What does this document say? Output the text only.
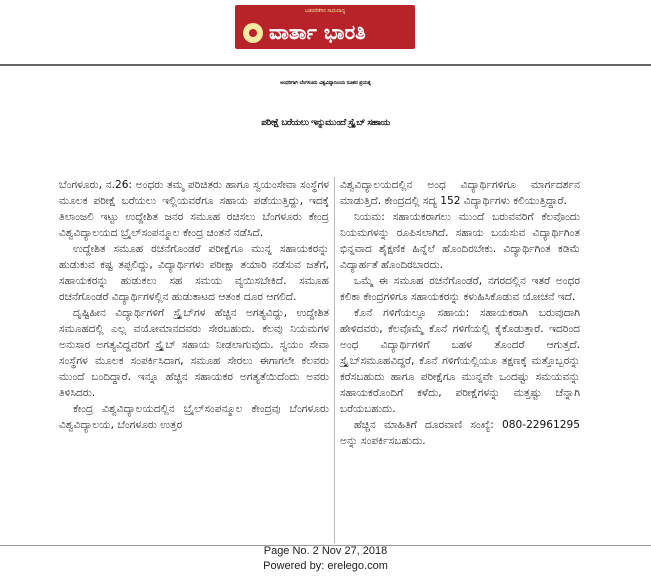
ಬಡವರೆಡೆಗಿನ ಸಾಧುವಾದ್ಯ
ವಾರ್ತಾ ಭಾರತಿ
ಅಂಧರಿಗಾಗಿ ಬೆಂಗಳೂರು ವಿಶ್ವವಿದ್ಯಾನಿಲಯ ನೂತನ ಪ್ರಯತ್ನ
ಪರೀಕ್ಷೆ ಬರೆಯಲು ಇನ್ನುಮುಂದೆ ಸ್ಕ್ರೈಬ್ ಸಹಾಯ

ಬೆಂಗಳೂರು, ನ.26: ಅಂಧರು ತಮ್ಮ ಪರಿಚಿತರು ಹಾಗೂ ಸ್ವಯಂಸೇವಾ ಸಂಸ್ಥೆಗಳ ಮೂಲಕ ಪರೀಕ್ಷೆ ಬರೆಯಲು ಇಲ್ಲಿಯವರೆಗೂ ಸಹಾಯ ಪಡೆಯುತ್ತಿದ್ದು, ಇದಕ್ಕೆ ತಿಲಾಂಜಲಿ ಇಟ್ಟು ಉದ್ದೇಶಿತ ಜನರ ಸಮೂಹ ರಚಿಸಲು ಬೆಂಗಳೂರು ಕೇಂದ್ರ ವಿಶ್ವವಿದ್ಯಾಲಯದ ಬ್ರೈಲ್‌ಸಂಪನ್ಮೂಲ ಕೇಂದ್ರ ಚಿಂತನೆ ನಡೆಸಿದೆ.

ಉದ್ದೇಶಿತ ಸಮೂಹ ರಚನೆಗೊಂಡರೆ ಪರೀಕ್ಷೆಗೂ ಮುನ್ನ ಸಹಾಯಕರನ್ನು ಹುಡುಕುವ ಕಷ್ಟ ತಪ್ಪಲಿದ್ದು, ವಿದ್ಯಾರ್ಥಿಗಳು ಪರೀಕ್ಷಾ ತಯಾರಿ ನಡೆಸುವ ಜತೆಗೆ, ಸಹಾಯಕರನ್ನು ಹುಡುಕಲು ಸಹ ಸಮಯ ವ್ಯಯಿಸಬೇಕಿದೆ. ಸಮೂಹ ರಚನೆಗೊಂಡರೆ ವಿದ್ಯಾರ್ಥಿಗಳಲ್ಲಿನ ಹುಡುಕಾಟದ ಆತಂಕ ದೂರ ಆಗಲಿದೆ.

ದೃಷ್ಟಿಹೀನ ವಿದ್ಯಾರ್ಥಿಗಳಿಗೆ ಸ್ಕ್ರೈಬ್‌ಗಳ ಹೆಚ್ಚಿನ ಅಗತ್ಯವಿದ್ದು, ಉದ್ದೇಶಿತ ಸಮೂಹದಲ್ಲಿ ಎಲ್ಲ ವಯೋಮಾನದವರು ಸೇರಬಹುದು. ಕೆಲವು ನಿಯಮಗಳ ಅನುಸಾರ ಅಗತ್ಯವಿದ್ದವರಿಗೆ ಸ್ಕ್ರೈಬ್ ಸಹಾಯ ನೀಡಲಾಗುವುದು. ಸ್ವಯಂ ಸೇವಾ ಸಂಸ್ಥೆಗಳ ಮೂಲಕ ಸಂಪರ್ಕಿಸಿದಾಗ, ಸಮೂಹ ಸೇರಲು ಈಗಾಗಲೇ ಕೆಲವರು ಮುಂದೆ ಬಂದಿದ್ದಾರೆ. ಇನ್ನೂ ಹೆಚ್ಚಿನ ಸಹಾಯಕರ ಅಗತ್ಯತೆಯಿದೆಂದು ಅವರು ತಿಳಿಸಿದರು.

ಕೇಂದ್ರ ವಿಶ್ವವಿದ್ಯಾಲಯದಲ್ಲಿನ ಬ್ರೈಲ್‌ಸಂಪನ್ಮೂಲ ಕೇಂದ್ರವು ಬೆಂಗಳೂರು ವಿಶ್ವವಿದ್ಯಾಲಯ, ಬೆಂಗಳೂರು ಉತ್ತರ

ವಿಶ್ವವಿದ್ಯಾಲಯದಲ್ಲಿನ ಅಂಧ ವಿದ್ಯಾರ್ಥಿಗಳಿಗೂ ಮಾರ್ಗದರ್ಶನ ಮಾಡುತ್ತಿದೆ. ಕೇಂದ್ರದಲ್ಲಿ ಸದ್ಯ 152 ವಿದ್ಯಾರ್ಥಿಗಳು ಕಲಿಯುತ್ತಿದ್ದಾರೆ.

ನಿಯಮ: ಸಹಾಯಕರಾಗಲು ಮುಂದೆ ಬರುವವರಿಗೆ ಕೆಲವೊಂದು ನಿಯಮಗಳನ್ನು ರೂಪಿಸಲಾಗಿದೆ. ಸಹಾಯ ಬಯಸುವ ವಿದ್ಯಾರ್ಥಿಗಿಂತ ಭಿನ್ನವಾದ ಶೈಕ್ಷಣಿಕ ಹಿನ್ನೆಲೆ ಹೊಂದಿರಬೇಕು. ವಿದ್ಯಾರ್ಥಿಗಿಂತ ಕಡಿಮೆ ವಿದ್ಯಾರ್ಹತೆ ಹೊಂದಿರಬಾರದು.

ಒಮ್ಮೆ ಈ ಸಮೂಹ ರಚನೆಗೊಂಡರೆ, ನಗರದಲ್ಲಿನ ಇತರೆ ಅಂಧರ ಕಲಿಕಾ ಕೇಂದ್ರಗಳಿಗೂ ಸಹಾಯಕರನ್ನು ಕಳುಹಿಸಿಕೊಡುವ ಯೋಚನೆ ಇದೆ.

ಕೊನೆ ಗಳಿಗೆಯಲ್ಲೂ ಸಹಾಯ: ಸಹಾಯಕರಾಗಿ ಬರುವುದಾಗಿ ಹೇಳಿದವರು, ಕೆಲವೊಮ್ಮೆ ಕೊನೆ ಗಳಿಗೆಯಲ್ಲಿ ಕೈಕೊಡುತ್ತಾರೆ. ಇದರಿಂದ ಅಂಧ ವಿದ್ಯಾರ್ಥಿಗಳಿಗೆ ಬಹಳ ತೊಂದರೆ ಆಗುತ್ತದೆ. ಸ್ಕ್ರೈಬ್‌ಸಮೂಹವಿದ್ದರೆ, ಕೊನೆ ಗಳಿಗೆಯಲ್ಲಿಯೂ ತಕ್ಷಣಕ್ಕೆ ಮತ್ತೊಬ್ಬರನ್ನು ಕರೆಸಬಹುದು ಹಾಗೂ ಪರೀಕ್ಷೆಗೂ ಮುನ್ನವೇ ಒಂದಷ್ಟು ಸಮಯವನ್ನು ಸಹಾಯಕರೊಂದಿಗೆ ಕಳೆದು, ಪರೀಕ್ಷೆಗಳನ್ನು ಮತ್ತಷ್ಟು ಚೆನ್ನಾಗಿ ಬರೆಯಬಹುದು.

ಹೆಚ್ಚಿನ ಮಾಹಿತಿಗೆ ದೂರವಾಣಿ ಸಂಖ್ಯೆ: 080-22961295 ಅನ್ನು ಸಂಪರ್ಕಿಸಬಹುದು.

Page No. 2 Nov 27, 2018
Powered by: erelego.com
